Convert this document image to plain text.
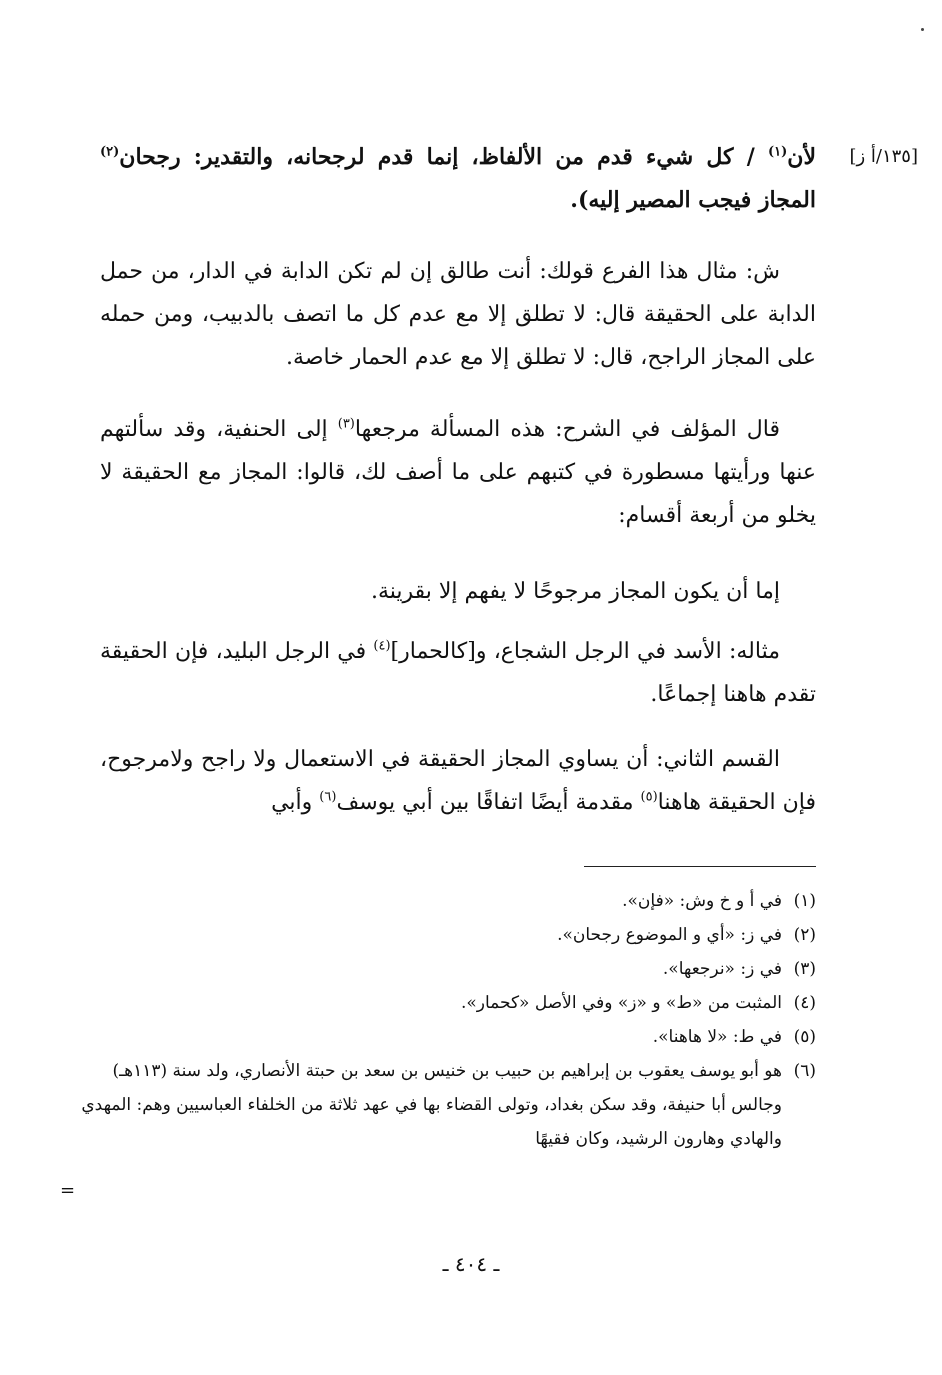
[١٣٥/أ ز]

لأن$^{(١)}$ / كل شيء قدم من الألفاظ، إنما قدم لرجحانه، والتقدير: رجحان$^{(٢)}$ المجاز فيجب المصير إليه).

ش: مثال هذا الفرع قولك: أنت طالق إن لم تكن الدابة في الدار، من حمل الدابة على الحقيقة قال: لا تطلق إلا مع عدم كل ما اتصف بالدبيب، ومن حمله على المجاز الراجح، قال: لا تطلق إلا مع عدم الحمار خاصة.

قال المؤلف في الشرح: هذه المسألة مرجعها$^{(٣)}$ إلى الحنفية، وقد سألتهم عنها ورأيتها مسطورة في كتبهم على ما أصف لك، قالوا: المجاز مع الحقيقة لا يخلو من أربعة أقسام:

إما أن يكون المجاز مرجوحًا لا يفهم إلا بقرينة.

مثاله: الأسد في الرجل الشجاع، و[كالحمار]$^{(٤)}$ في الرجل البليد، فإن الحقيقة تقدم هاهنا إجماعًا.

القسم الثاني: أن يساوي المجاز الحقيقة في الاستعمال ولا راجح ولامرجوح، فإن الحقيقة هاهنا$^{(٥)}$ مقدمة أيضًا اتفاقًا بين أبي يوسف$^{(٦)}$ وأبي

(١)في أ و خ وش: «فإن».

(٢)في ز: «أي و الموضوع رجحان».

(٣)في ز: «نرجعها».

(٤)المثبت من «ط» و «ز» وفي الأصل «كحمار».

(٥)في ط: «لا هاهنا».

(٦)هو أبو يوسف يعقوب بن إبراهيم بن حبيب بن خنيس بن سعد بن حبتة الأنصاري، ولد سنة (١١٣هـ) وجالس أبا حنيفة، وقد سكن بغداد، وتولى القضاء بها في عهد ثلاثة من الخلفاء العباسيين وهم: المهدي والهادي وهارون الرشيد، وكان فقيهًا

=
ـ ٤٠٤ ـ
